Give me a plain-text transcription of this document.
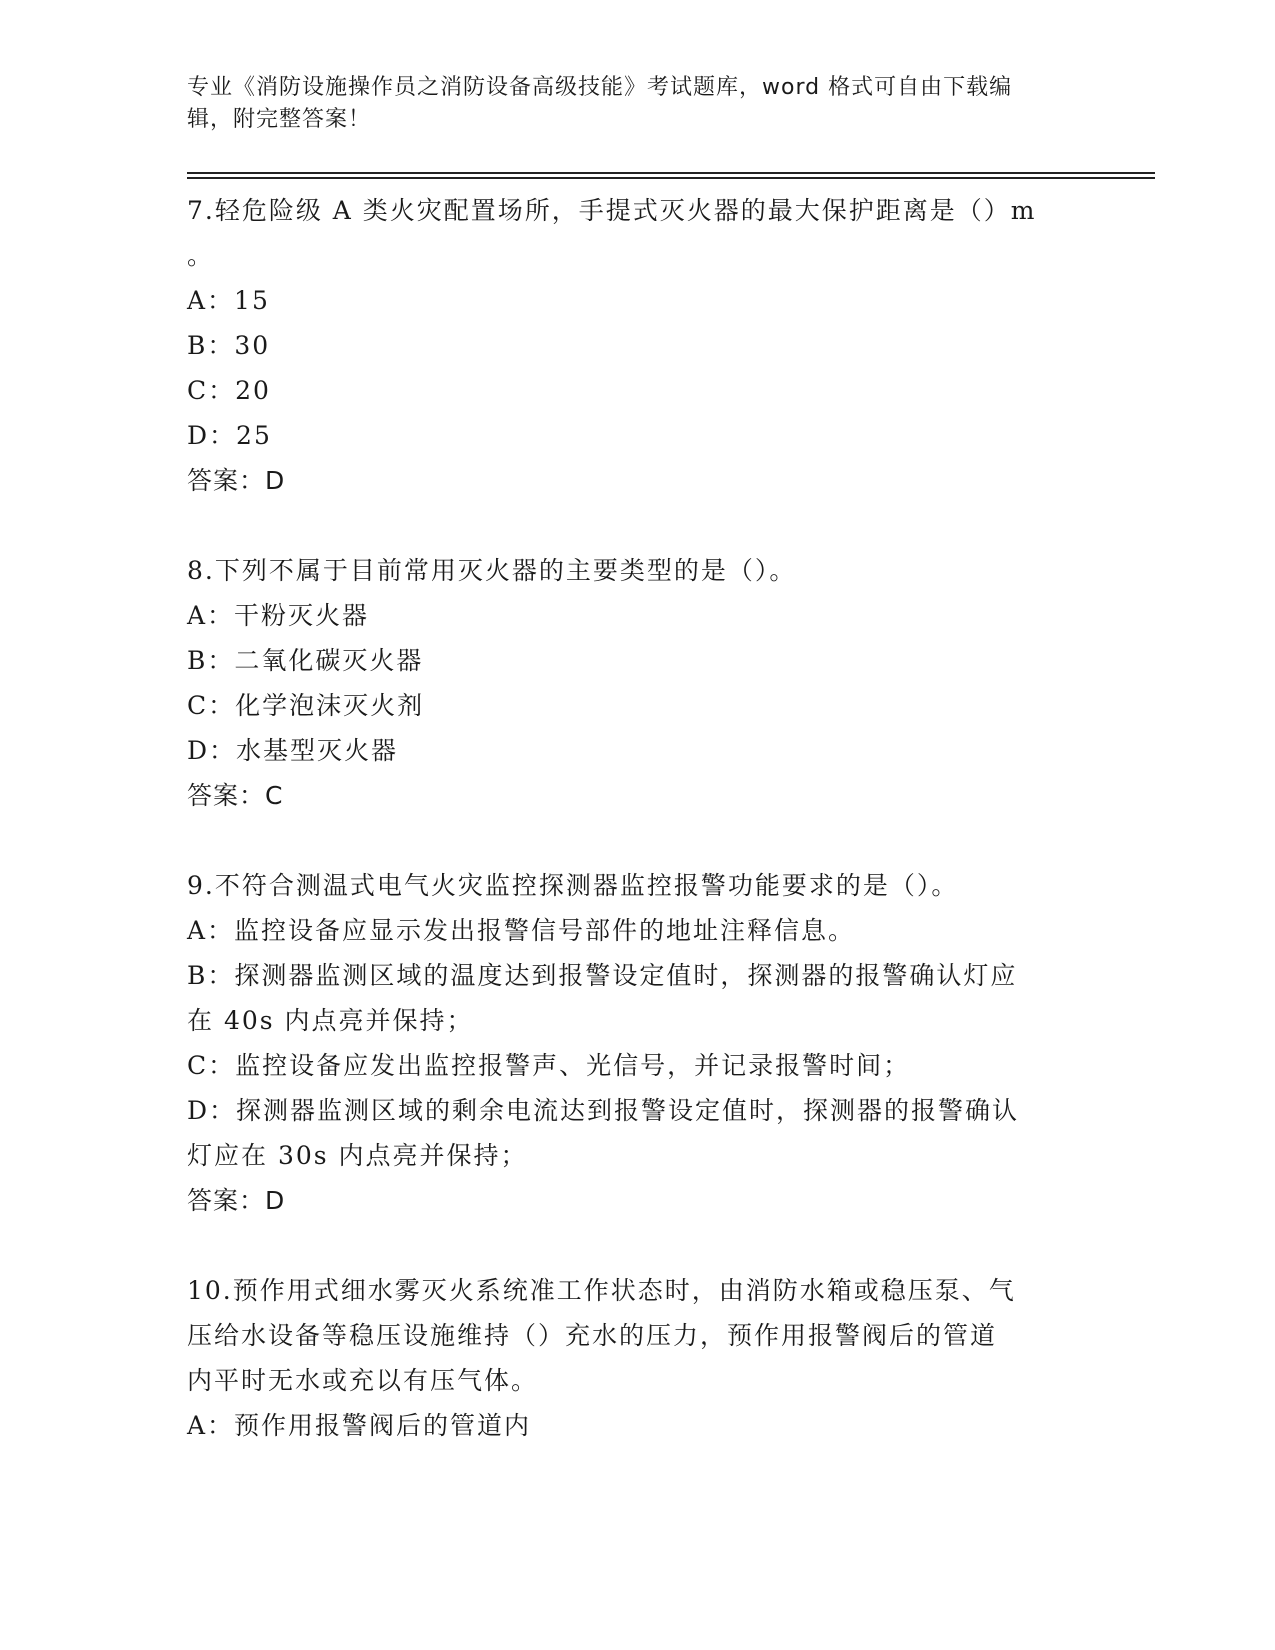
专业《消防设施操作员之消防设备高级技能》考试题库，word 格式可自由下载编
辑，附完整答案！
7.轻危险级 A 类火灾配置场所，手提式灭火器的最大保护距离是（）m
。
A：15
B：30
C：20
D：25
答案：D
8.下列不属于目前常用灭火器的主要类型的是（）。
A：干粉灭火器
B：二氧化碳灭火器
C：化学泡沫灭火剂
D：水基型灭火器
答案：C
9.不符合测温式电气火灾监控探测器监控报警功能要求的是（）。
A：监控设备应显示发出报警信号部件的地址注释信息。
B：探测器监测区域的温度达到报警设定值时，探测器的报警确认灯应
在 40s 内点亮并保持；
C：监控设备应发出监控报警声、光信号，并记录报警时间；
D：探测器监测区域的剩余电流达到报警设定值时，探测器的报警确认
灯应在 30s 内点亮并保持；
答案：D
10.预作用式细水雾灭火系统准工作状态时，由消防水箱或稳压泵、气
压给水设备等稳压设施维持（）充水的压力，预作用报警阀后的管道
内平时无水或充以有压气体。
A：预作用报警阀后的管道内
